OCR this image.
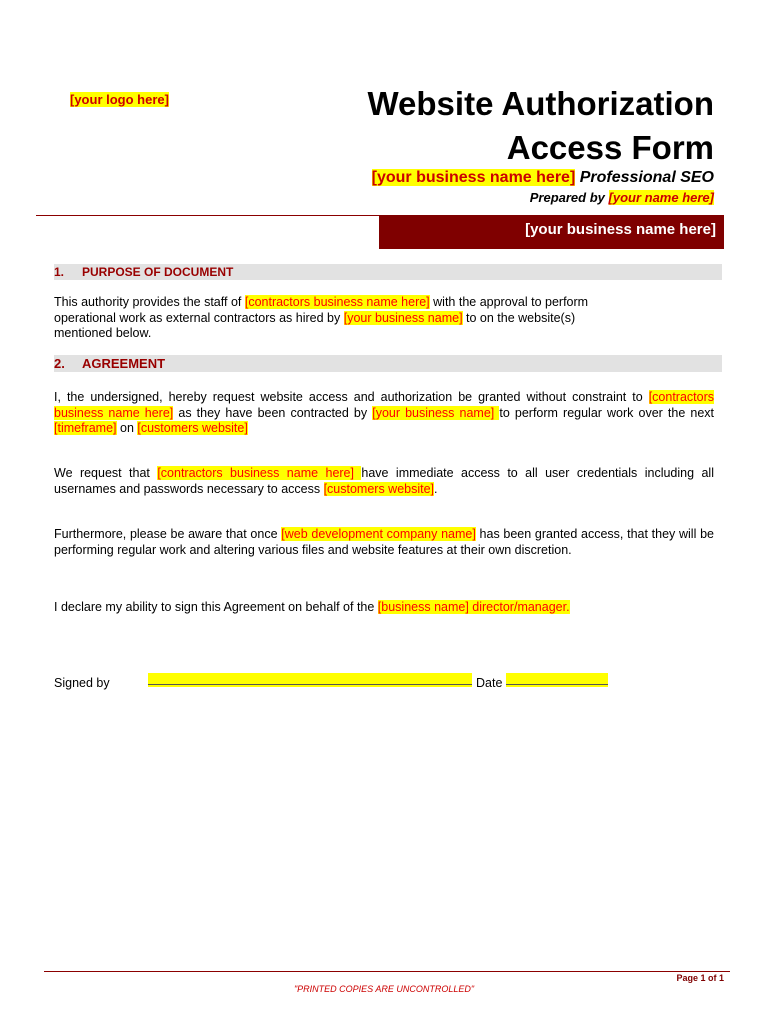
[your logo here]	Website Authorization
Access Form
[your business name here] Professional SEO
Prepared by [your name here]
[your business name here]
1. PURPOSE OF DOCUMENT
This authority provides the staff of [contractors business name here] with the approval to perform
operational work as external contractors as hired by [your business name] to on the website(s)
mentioned below.
2. AGREEMENT
I, the undersigned, hereby request website access and authorization be granted without constraint to [contractors business name here] as they have been contracted by [your business name] to perform regular work over the next [timeframe] on [customers website]
We request that [contractors business name here] have immediate access to all user credentials including all usernames and passwords necessary to access [customers website].
Furthermore, please be aware that once [web development company name] has been granted access, that they will be performing regular work and altering various files and website features at their own discretion.
I declare my ability to sign this Agreement on behalf of the [business name] director/manager.
Signed by	Date
Page 1 of 1
"PRINTED COPIES ARE UNCONTROLLED"
